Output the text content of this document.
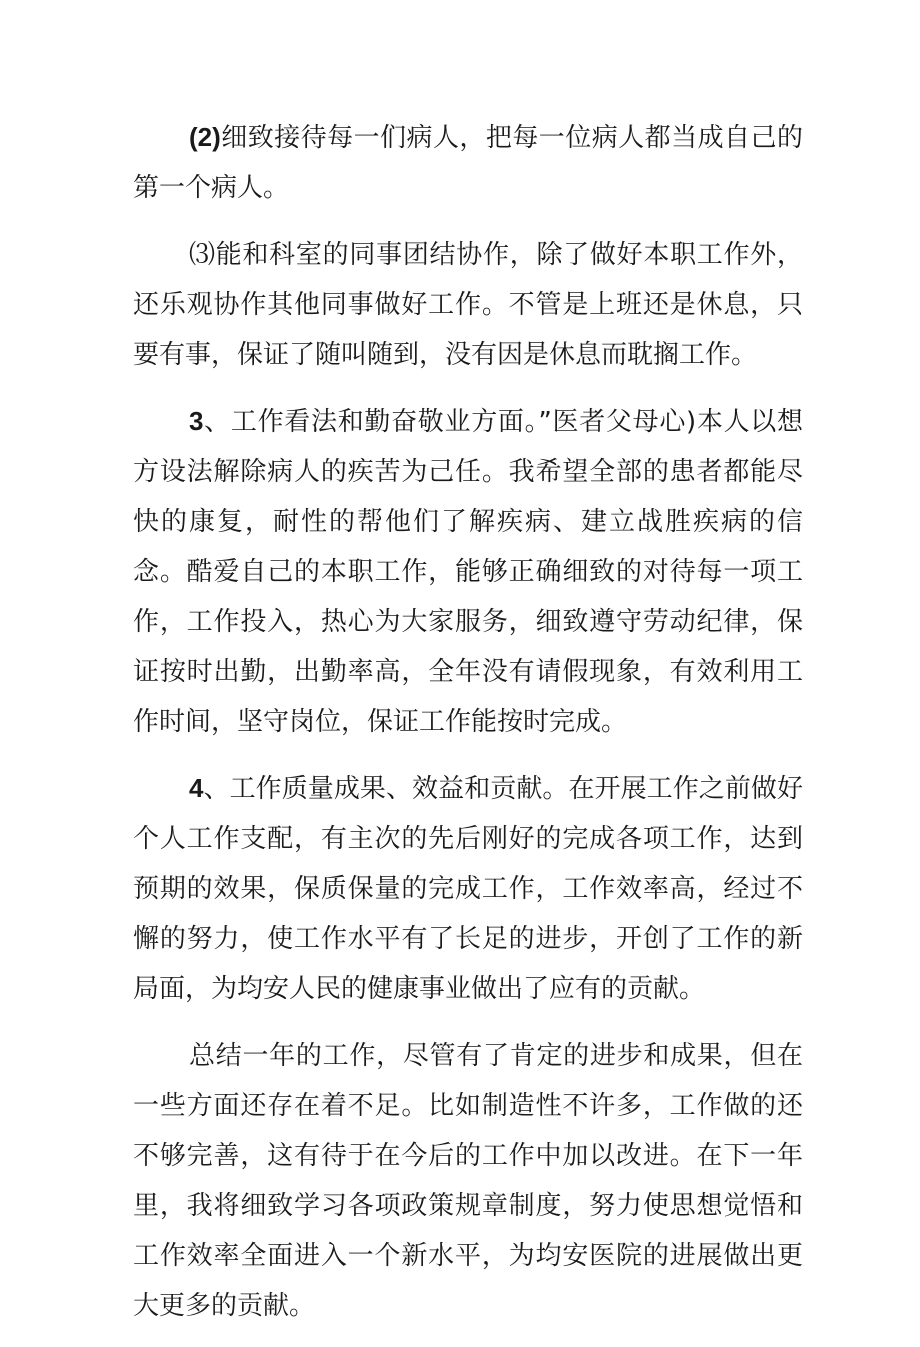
(2)细致接待每一们病人，把每一位病人都当成自己的第一个病人。

⑶能和科室的同事团结协作，除了做好本职工作外，还乐观协作其他同事做好工作。不管是上班还是休息，只要有事，保证了随叫随到，没有因是休息而耽搁工作。

3、工作看法和勤奋敬业方面。”医者父母心)本人以想方设法解除病人的疾苦为己任。我希望全部的患者都能尽快的康复，耐性的帮他们了解疾病、建立战胜疾病的信念。酷爱自己的本职工作，能够正确细致的对待每一项工作，工作投入，热心为大家服务，细致遵守劳动纪律，保证按时出勤，出勤率高，全年没有请假现象，有效利用工作时间，坚守岗位，保证工作能按时完成。

4、工作质量成果、效益和贡献。在开展工作之前做好个人工作支配，有主次的先后刚好的完成各项工作，达到预期的效果，保质保量的完成工作，工作效率高，经过不懈的努力，使工作水平有了长足的进步，开创了工作的新局面，为均安人民的健康事业做出了应有的贡献。

总结一年的工作，尽管有了肯定的进步和成果，但在一些方面还存在着不足。比如制造性不许多，工作做的还不够完善，这有待于在今后的工作中加以改进。在下一年里，我将细致学习各项政策规章制度，努力使思想觉悟和工作效率全面进入一个新水平，为均安医院的进展做出更大更多的贡献。
